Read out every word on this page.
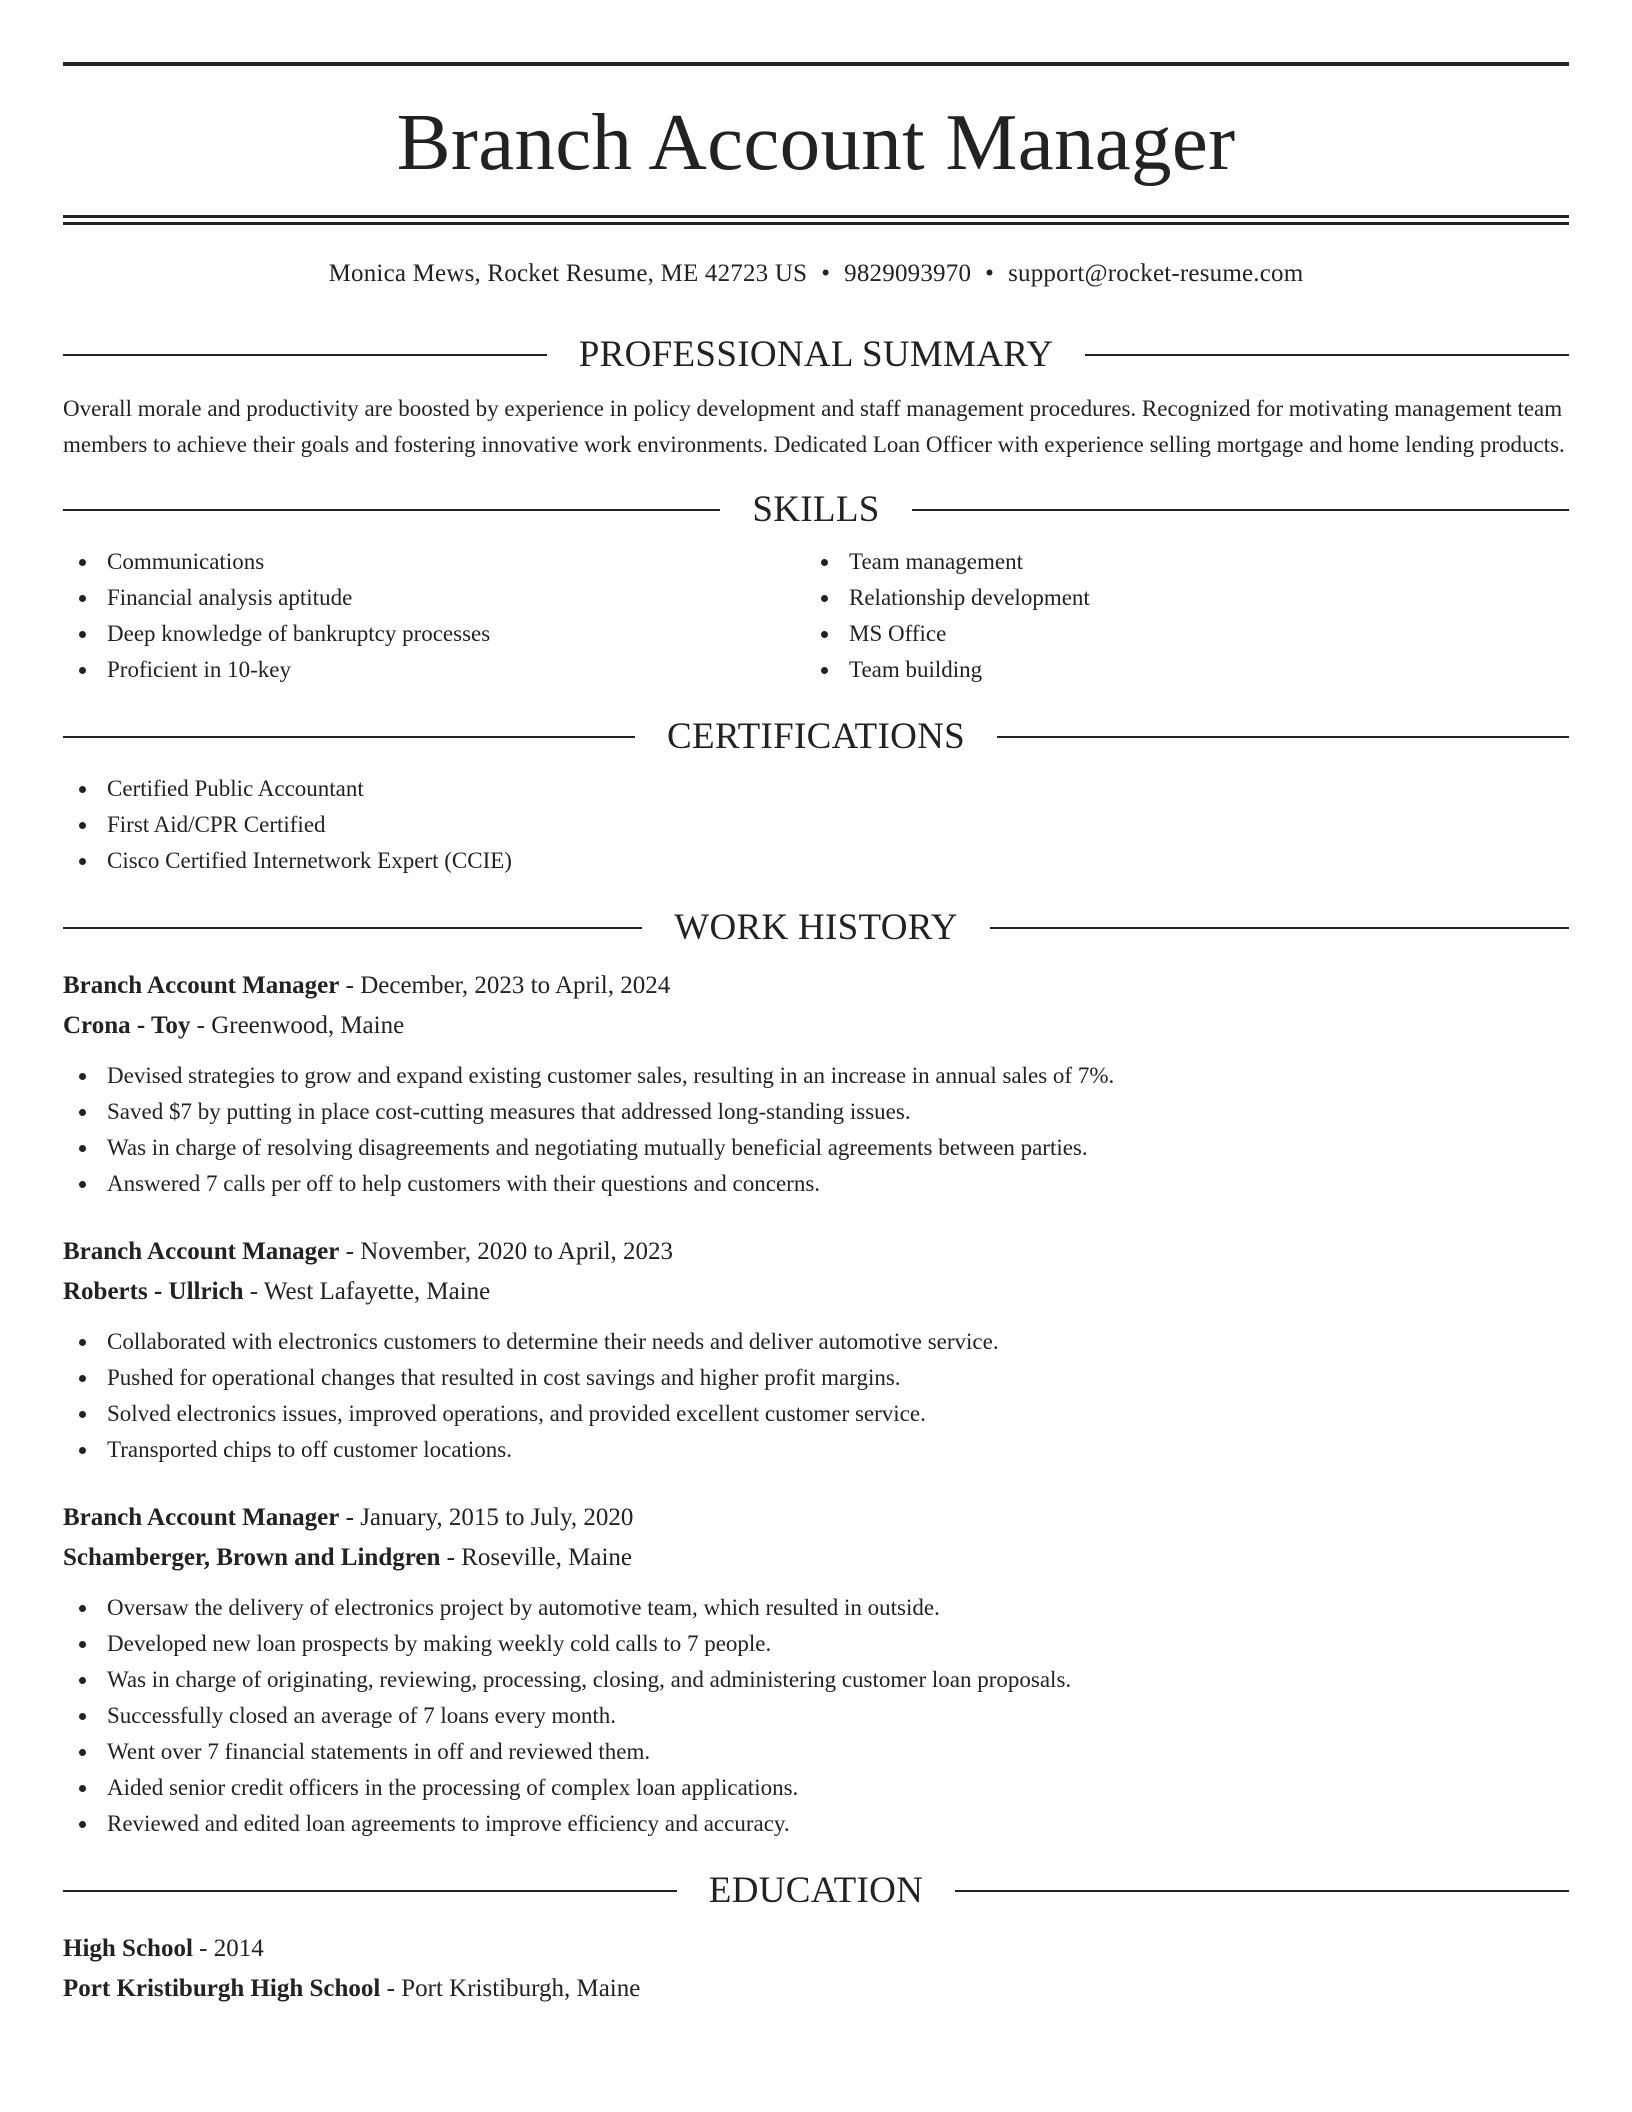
Branch Account Manager
Monica Mews, Rocket Resume, ME 42723 US • 9829093970 • support@rocket-resume.com
PROFESSIONAL SUMMARY

Overall morale and productivity are boosted by experience in policy development and staff management procedures. Recognized for motivating management team members to achieve their goals and fostering innovative work environments. Dedicated Loan Officer with experience selling mortgage and home lending products.

SKILLS
Communications
Financial analysis aptitude
Deep knowledge of bankruptcy processes
Proficient in 10-key
Team management
Relationship development
MS Office
Team building
CERTIFICATIONS
Certified Public Accountant
First Aid/CPR Certified
Cisco Certified Internetwork Expert (CCIE)
WORK HISTORY
Branch Account Manager - December, 2023 to April, 2024
Crona - Toy - Greenwood, Maine
Devised strategies to grow and expand existing customer sales, resulting in an increase in annual sales of 7%.
Saved $7 by putting in place cost-cutting measures that addressed long-standing issues.
Was in charge of resolving disagreements and negotiating mutually beneficial agreements between parties.
Answered 7 calls per off to help customers with their questions and concerns.
Branch Account Manager - November, 2020 to April, 2023
Roberts - Ullrich - West Lafayette, Maine
Collaborated with electronics customers to determine their needs and deliver automotive service.
Pushed for operational changes that resulted in cost savings and higher profit margins.
Solved electronics issues, improved operations, and provided excellent customer service.
Transported chips to off customer locations.
Branch Account Manager - January, 2015 to July, 2020
Schamberger, Brown and Lindgren - Roseville, Maine
Oversaw the delivery of electronics project by automotive team, which resulted in outside.
Developed new loan prospects by making weekly cold calls to 7 people.
Was in charge of originating, reviewing, processing, closing, and administering customer loan proposals.
Successfully closed an average of 7 loans every month.
Went over 7 financial statements in off and reviewed them.
Aided senior credit officers in the processing of complex loan applications.
Reviewed and edited loan agreements to improve efficiency and accuracy.
EDUCATION
High School - 2014
Port Kristiburgh High School - Port Kristiburgh, Maine
